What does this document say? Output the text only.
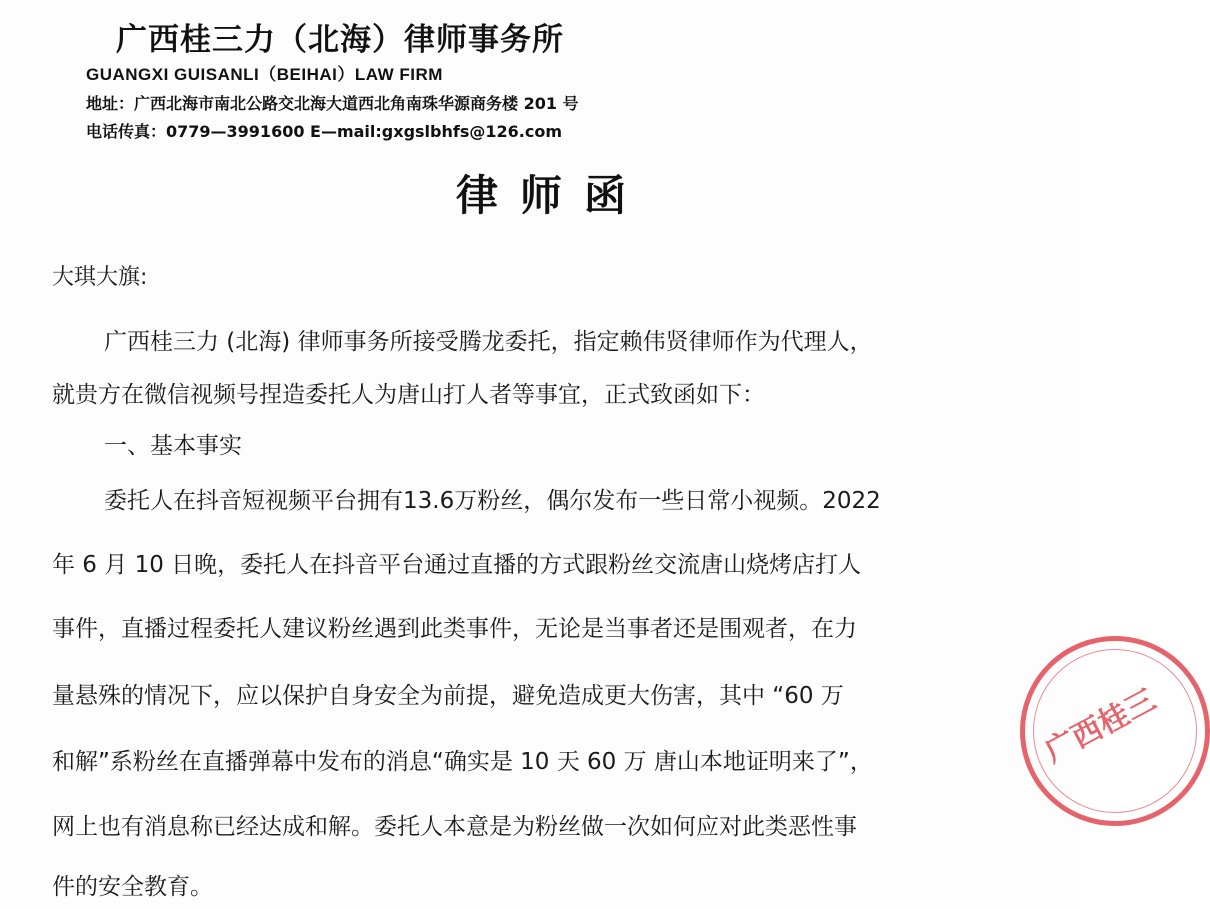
广西桂三力（北海）律师事务所
GUANGXI GUISANLI（BEIHAI）LAW FIRM
地址：广西北海市南北公路交北海大道西北角南珠华源商务楼 201 号
电话传真：0779—3991600 E—mail:gxgslbhfs@126.com
律师函
大琪大旗:
广西桂三力 (北海) 律师事务所接受腾龙委托，指定赖伟贤律师作为代理人，
就贵方在微信视频号捏造委托人为唐山打人者等事宜，正式致函如下：
一、基本事实
委托人在抖音短视频平台拥有13.6万粉丝，偶尔发布一些日常小视频。2022
年 6 月 10 日晚，委托人在抖音平台通过直播的方式跟粉丝交流唐山烧烤店打人
事件，直播过程委托人建议粉丝遇到此类事件，无论是当事者还是围观者，在力
量悬殊的情况下，应以保护自身安全为前提，避免造成更大伤害，其中 “60 万
和解”系粉丝在直播弹幕中发布的消息“确实是 10 天 60 万 唐山本地证明来了”，
网上也有消息称已经达成和解。委托人本意是为粉丝做一次如何应对此类恶性事
件的安全教育。
广西桂三
